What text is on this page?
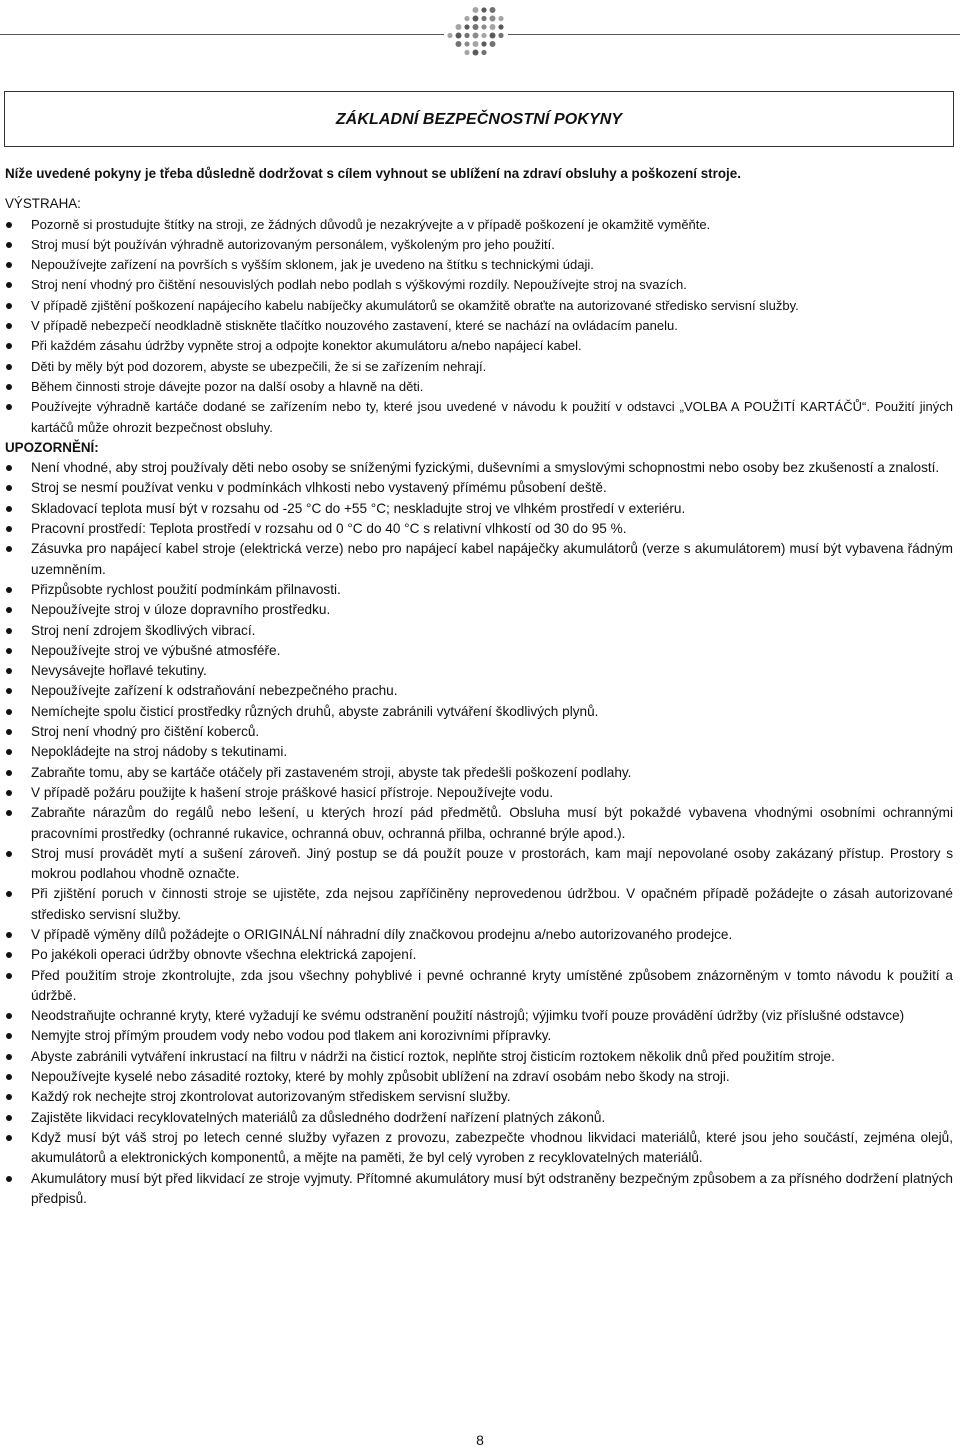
ZÁKLADNÍ BEZPEČNOSTNÍ POKYNY

Níže uvedené pokyny je třeba důsledně dodržovat s cílem vyhnout se ublížení na zdraví obsluhy a poškození stroje.

VÝSTRAHA:

Pozorně si prostudujte štítky na stroji, ze žádných důvodů je nezakrývejte a v případě poškození je okamžitě vyměňte.
Stroj musí být používán výhradně autorizovaným personálem, vyškoleným pro jeho použití.
Nepoužívejte zařízení na površích s vyšším sklonem, jak je uvedeno na štítku s technickými údaji.
Stroj není vhodný pro čištění nesouvislých podlah nebo podlah s výškovými rozdíly. Nepoužívejte stroj na svazích.
V případě zjištění poškození napájecího kabelu nabíječky akumulátorů se okamžitě obraťte na autorizované středisko servisní služby.
V případě nebezpečí neodkladně stiskněte tlačítko nouzového zastavení, které se nachází na ovládacím panelu.
Při každém zásahu údržby vypněte stroj a odpojte konektor akumulátoru a/nebo napájecí kabel.
Děti by měly být pod dozorem, abyste se ubezpečili, že si se zařízením nehrají.
Během činnosti stroje dávejte pozor na další osoby a hlavně na děti.
Používejte výhradně kartáče dodané se zařízením nebo ty, které jsou uvedené v návodu k použití v odstavci „VOLBA A POUŽITÍ KARTÁČŮ“. Použití jiných kartáčů může ohrozit bezpečnost obsluhy.

UPOZORNĚNÍ:

Není vhodné, aby stroj používaly děti nebo osoby se sníženými fyzickými, duševními a smyslovými schopnostmi nebo osoby bez zkušeností a znalostí.
Stroj se nesmí používat venku v podmínkách vlhkosti nebo vystavený přímému působení deště.
Skladovací teplota musí být v rozsahu od -25 °C do +55 °C; neskladujte stroj ve vlhkém prostředí v exteriéru.
Pracovní prostředí: Teplota prostředí v rozsahu od 0 °C do 40 °C s relativní vlhkostí od 30 do 95 %.
Zásuvka pro napájecí kabel stroje (elektrická verze) nebo pro napájecí kabel napáječky akumulátorů (verze s akumulátorem) musí být vybavena řádným uzemněním.
Přizpůsobte rychlost použití podmínkám přilnavosti.
Nepoužívejte stroj v úloze dopravního prostředku.
Stroj není zdrojem škodlivých vibrací.
Nepoužívejte stroj ve výbušné atmosféře.
Nevysávejte hořlavé tekutiny.
Nepoužívejte zařízení k odstraňování nebezpečného prachu.
Nemíchejte spolu čisticí prostředky různých druhů, abyste zabránili vytváření škodlivých plynů.
Stroj není vhodný pro čištění koberců.
Nepokládejte na stroj nádoby s tekutinami.
Zabraňte tomu, aby se kartáče otáčely při zastaveném stroji, abyste tak předešli poškození podlahy.
V případě požáru použijte k hašení stroje práškové hasicí přístroje. Nepoužívejte vodu.
Zabraňte nárazům do regálů nebo lešení, u kterých hrozí pád předmětů. Obsluha musí být pokaždé vybavena vhodnými osobními ochrannými pracovními prostředky (ochranné rukavice, ochranná obuv, ochranná přilba, ochranné brýle apod.).
Stroj musí provádět mytí a sušení zároveň. Jiný postup se dá použít pouze v prostorách, kam mají nepovolané osoby zakázaný přístup. Prostory s mokrou podlahou vhodně označte.
Při zjištění poruch v činnosti stroje se ujistěte, zda nejsou zapříčiněny neprovedenou údržbou. V opačném případě požádejte o zásah autorizované středisko servisní služby.
V případě výměny dílů požádejte o ORIGINÁLNÍ náhradní díly značkovou prodejnu a/nebo autorizovaného prodejce.
Po jakékoli operaci údržby obnovte všechna elektrická zapojení.
Před použitím stroje zkontrolujte, zda jsou všechny pohyblivé i pevné ochranné kryty umístěné způsobem znázorněným v tomto návodu k použití a údržbě.
Neodstraňujte ochranné kryty, které vyžadují ke svému odstranění použití nástrojů; výjimku tvoří pouze provádění údržby (viz příslušné odstavce)
Nemyjte stroj přímým proudem vody nebo vodou pod tlakem ani korozivními přípravky.
Abyste zabránili vytváření inkrustací na filtru v nádrži na čisticí roztok, neplňte stroj čisticím roztokem několik dnů před použitím stroje.
Nepoužívejte kyselé nebo zásadité roztoky, které by mohly způsobit ublížení na zdraví osobám nebo škody na stroji.
Každý rok nechejte stroj zkontrolovat autorizovaným střediskem servisní služby.
Zajistěte likvidaci recyklovatelných materiálů za důsledného dodržení nařízení platných zákonů.
Když musí být váš stroj po letech cenné služby vyřazen z provozu, zabezpečte vhodnou likvidaci materiálů, které jsou jeho součástí, zejména olejů, akumulátorů a elektronických komponentů, a mějte na paměti, že byl celý vyroben z recyklovatelných materiálů.
Akumulátory musí být před likvidací ze stroje vyjmuty. Přítomné akumulátory musí být odstraněny bezpečným způsobem a za přísného dodržení platných předpisů.
8
